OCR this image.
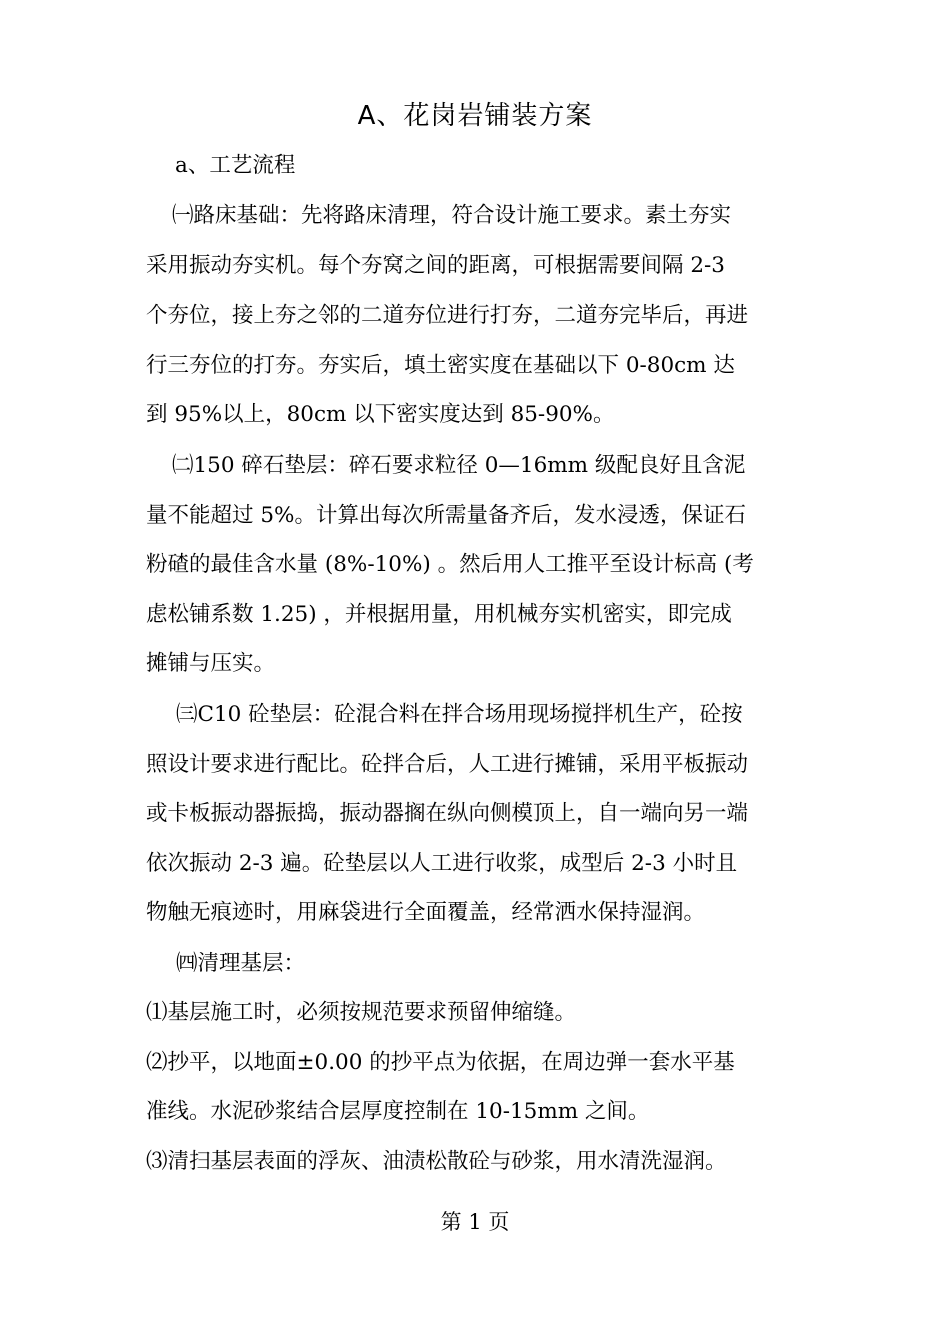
A、花岗岩铺装方案
a、工艺流程
㈠路床基础：先将路床清理，符合设计施工要求。素土夯实
采用振动夯实机。每个夯窝之间的距离，可根据需要间隔 2-3
个夯位，接上夯之邻的二道夯位进行打夯，二道夯完毕后，再进
行三夯位的打夯。夯实后，填土密实度在基础以下 0-80cm 达
到 95%以上，80cm 以下密实度达到 85-90%。
㈡150 碎石垫层：碎石要求粒径 0—16mm 级配良好且含泥
量不能超过 5%。计算出每次所需量备齐后，发水浸透，保证石
粉碴的最佳含水量 (8%-10%) 。然后用人工推平至设计标高 (考
虑松铺系数 1.25) ，并根据用量，用机械夯实机密实，即完成
摊铺与压实。
㈢C10 砼垫层：砼混合料在拌合场用现场搅拌机生产，砼按
照设计要求进行配比。砼拌合后，人工进行摊铺，采用平板振动
或卡板振动器振捣，振动器搁在纵向侧模顶上，自一端向另一端
依次振动 2-3 遍。砼垫层以人工进行收浆，成型后 2-3 小时且
物触无痕迹时，用麻袋进行全面覆盖，经常洒水保持湿润。
㈣清理基层：
⑴基层施工时，必须按规范要求预留伸缩缝。
⑵抄平，以地面±0.00 的抄平点为依据，在周边弹一套水平基
准线。水泥砂浆结合层厚度控制在 10-15mm 之间。
⑶清扫基层表面的浮灰、油渍松散砼与砂浆，用水清洗湿润。
第 1 页
